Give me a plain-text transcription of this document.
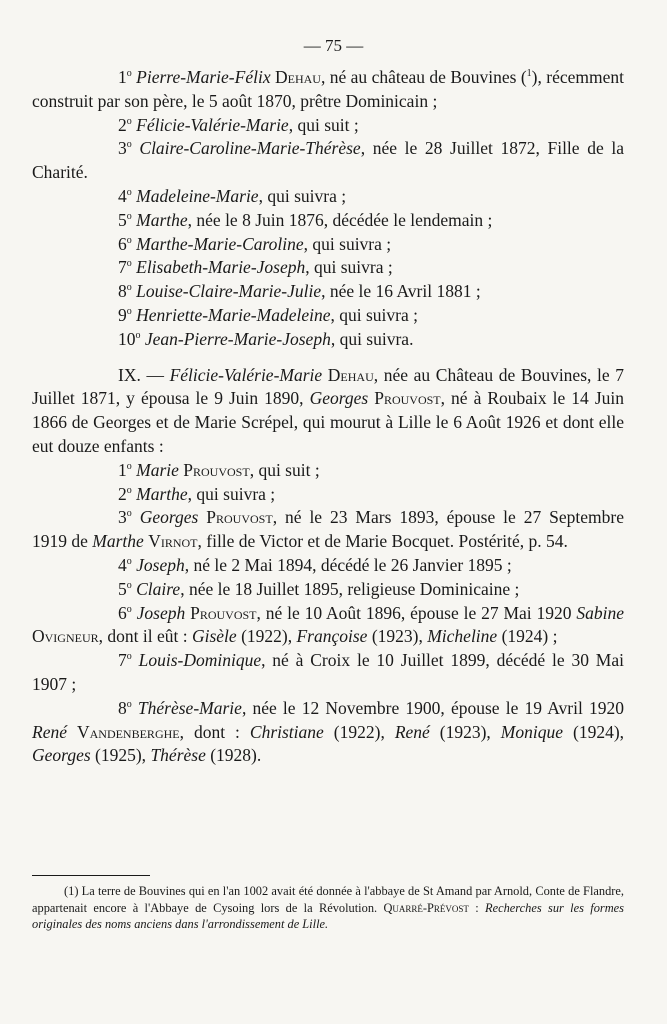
— 75 —

1$^o$ Pierre-Marie-Félix Dehau, né au château de Bouvines ($^1$), récemment construit par son père, le 5 août 1870, prêtre Dominicain ;

2$^o$ Félicie-Valérie-Marie, qui suit ;

3$^o$ Claire-Caroline-Marie-Thérèse, née le 28 Juillet 1872, Fille de la Charité.

4$^o$ Madeleine-Marie, qui suivra ;

5$^o$ Marthe, née le 8 Juin 1876, décédée le lendemain ;

6$^o$ Marthe-Marie-Caroline, qui suivra ;

7$^o$ Elisabeth-Marie-Joseph, qui suivra ;

8$^o$ Louise-Claire-Marie-Julie, née le 16 Avril 1881 ;

9$^o$ Henriette-Marie-Madeleine, qui suivra ;

10$^o$ Jean-Pierre-Marie-Joseph, qui suivra.

IX. — Félicie-Valérie-Marie Dehau, née au Château de Bouvines, le 7 Juillet 1871, y épousa le 9 Juin 1890, Georges Prouvost, né à Roubaix le 14 Juin 1866 de Georges et de Marie Scrépel, qui mourut à Lille le 6 Août 1926 et dont elle eut douze enfants :

1$^o$ Marie Prouvost, qui suit ;

2$^o$ Marthe, qui suivra ;

3$^o$ Georges Prouvost, né le 23 Mars 1893, épouse le 27 Septembre 1919 de Marthe Virnot, fille de Victor et de Marie Bocquet. Postérité, p. 54.

4$^o$ Joseph, né le 2 Mai 1894, décédé le 26 Janvier 1895 ;

5$^o$ Claire, née le 18 Juillet 1895, religieuse Dominicaine ;

6$^o$ Joseph Prouvost, né le 10 Août 1896, épouse le 27 Mai 1920 Sabine Ovigneur, dont il eût : Gisèle (1922), Françoise (1923), Micheline (1924) ;

7$^o$ Louis-Dominique, né à Croix le 10 Juillet 1899, décédé le 30 Mai 1907 ;

8$^o$ Thérèse-Marie, née le 12 Novembre 1900, épouse le 19 Avril 1920 René Vandenberghe, dont : Christiane (1922), René (1923), Monique (1924), Georges (1925), Thérèse (1928).

(1) La terre de Bouvines qui en l'an 1002 avait été donnée à l'abbaye de St Amand par Arnold, Conte de Flandre, appartenait encore à l'Abbaye de Cysoing lors de la Révolution. Quarré-Prévost : Recherches sur les formes originales des noms anciens dans l'arrondissement de Lille.
